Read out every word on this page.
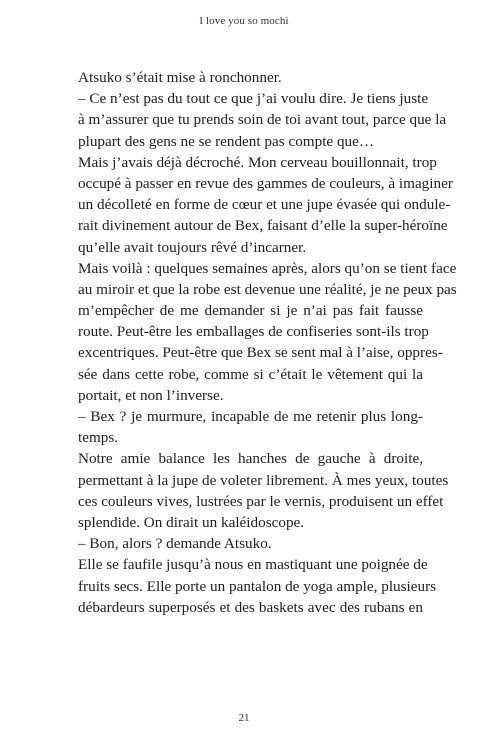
I love you so mochi
Atsuko s’était mise à ronchonner.
– Ce n’est pas du tout ce que j’ai voulu dire. Je tiens juste
à m’assurer que tu prends soin de toi avant tout, parce que la
plupart des gens ne se rendent pas compte que…
Mais j’avais déjà décroché. Mon cerveau bouillonnait, trop
occupé à passer en revue des gammes de couleurs, à imaginer
un décolleté en forme de cœur et une jupe évasée qui ondule-
rait divinement autour de Bex, faisant d’elle la super-héroïne
qu’elle avait toujours rêvé d’incarner.
Mais voilà : quelques semaines après, alors qu’on se tient face
au miroir et que la robe est devenue une réalité, je ne peux pas
m’empêcher de me demander si je n’ai pas fait fausse
route. Peut-être les emballages de confiseries sont-ils trop
excentriques. Peut-être que Bex se sent mal à l’aise, oppres-
sée dans cette robe, comme si c’était le vêtement qui la
portait, et non l’inverse.
– Bex ? je murmure, incapable de me retenir plus long-
temps.
Notre amie balance les hanches de gauche à droite,
permettant à la jupe de voleter librement. À mes yeux, toutes
ces couleurs vives, lustrées par le vernis, produisent un effet
splendide. On dirait un kaléidoscope.
– Bon, alors ? demande Atsuko.
Elle se faufile jusqu’à nous en mastiquant une poignée de
fruits secs. Elle porte un pantalon de yoga ample, plusieurs
débardeurs superposés et des baskets avec des rubans en
21
